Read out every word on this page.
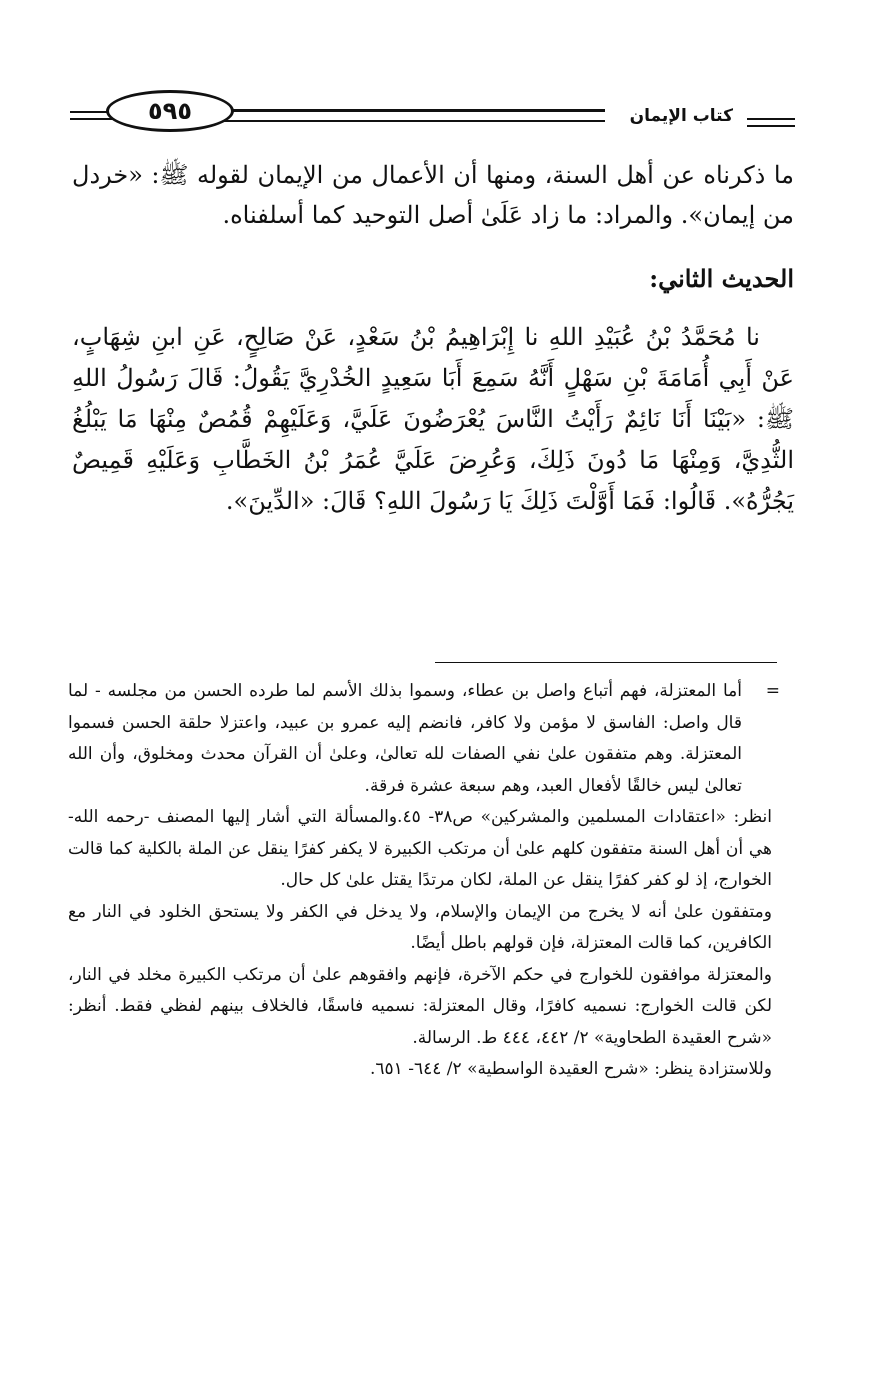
٥٩٥	كتاب الإيمان

ما ذكرناه عن أهل السنة، ومنها أن الأعمال من الإيمان لقوله ﷺ: «خردل من إيمان». والمراد: ما زاد عَلَىٰ أصل التوحيد كما أسلفناه.

الحديث الثاني:

نا مُحَمَّدُ بْنُ عُبَيْدِ اللهِ نا إِبْرَاهِيمُ بْنُ سَعْدٍ، عَنْ صَالِحٍ، عَنِ ابنِ شِهَابٍ، عَنْ أَبِي أُمَامَةَ بْنِ سَهْلٍ أَنَّهُ سَمِعَ أَبَا سَعِيدٍ الخُدْرِيَّ يَقُولُ: قَالَ رَسُولُ اللهِ ﷺ: «بَيْنَا أَنَا نَائِمٌ رَأَيْتُ النَّاسَ يُعْرَضُونَ عَلَيَّ، وَعَلَيْهِمْ قُمُصٌ مِنْهَا مَا يَبْلُغُ الثُّدِيَّ، وَمِنْهَا مَا دُونَ ذَلِكَ، وَعُرِضَ عَلَيَّ عُمَرُ بْنُ الخَطَّابِ وَعَلَيْهِ قَمِيصٌ يَجُرُّهُ». قَالُوا: فَمَا أَوَّلْتَ ذَلِكَ يَا رَسُولَ اللهِ؟ قَالَ: «الدِّينَ».

=
أما المعتزلة، فهم أتباع واصل بن عطاء، وسموا بذلك الأسم لما طرده الحسن من مجلسه - لما قال واصل: الفاسق لا مؤمن ولا كافر، فانضم إليه عمرو بن عبيد، واعتزلا حلقة الحسن فسموا المعتزلة. وهم متفقون علىٰ نفي الصفات لله تعالىٰ، وعلىٰ أن القرآن محدث ومخلوق، وأن الله تعالىٰ ليس خالقًا لأفعال العبد، وهم سبعة عشرة فرقة.

انظر: «اعتقادات المسلمين والمشركين» ص٣٨- ٤٥.والمسألة التي أشار إليها المصنف -رحمه الله- هي أن أهل السنة متفقون كلهم علىٰ أن مرتكب الكبيرة لا يكفر كفرًا ينقل عن الملة بالكلية كما قالت الخوارج، إذ لو كفر كفرًا ينقل عن الملة، لكان مرتدًا يقتل علىٰ كل حال.

ومتفقون علىٰ أنه لا يخرج من الإيمان والإسلام، ولا يدخل في الكفر ولا يستحق الخلود في النار مع الكافرين، كما قالت المعتزلة، فإن قولهم باطل أيضًا.

والمعتزلة موافقون للخوارج في حكم الآخرة، فإنهم وافقوهم علىٰ أن مرتكب الكبيرة مخلد في النار، لكن قالت الخوارج: نسميه كافرًا، وقال المعتزلة: نسميه فاسقًا، فالخلاف بينهم لفظي فقط. أنظر: «شرح العقيدة الطحاوية» ٢/ ٤٤٢، ٤٤٤ ط. الرسالة.

وللاستزادة ينظر: «شرح العقيدة الواسطية» ٢/ ٦٤٤- ٦٥١.
